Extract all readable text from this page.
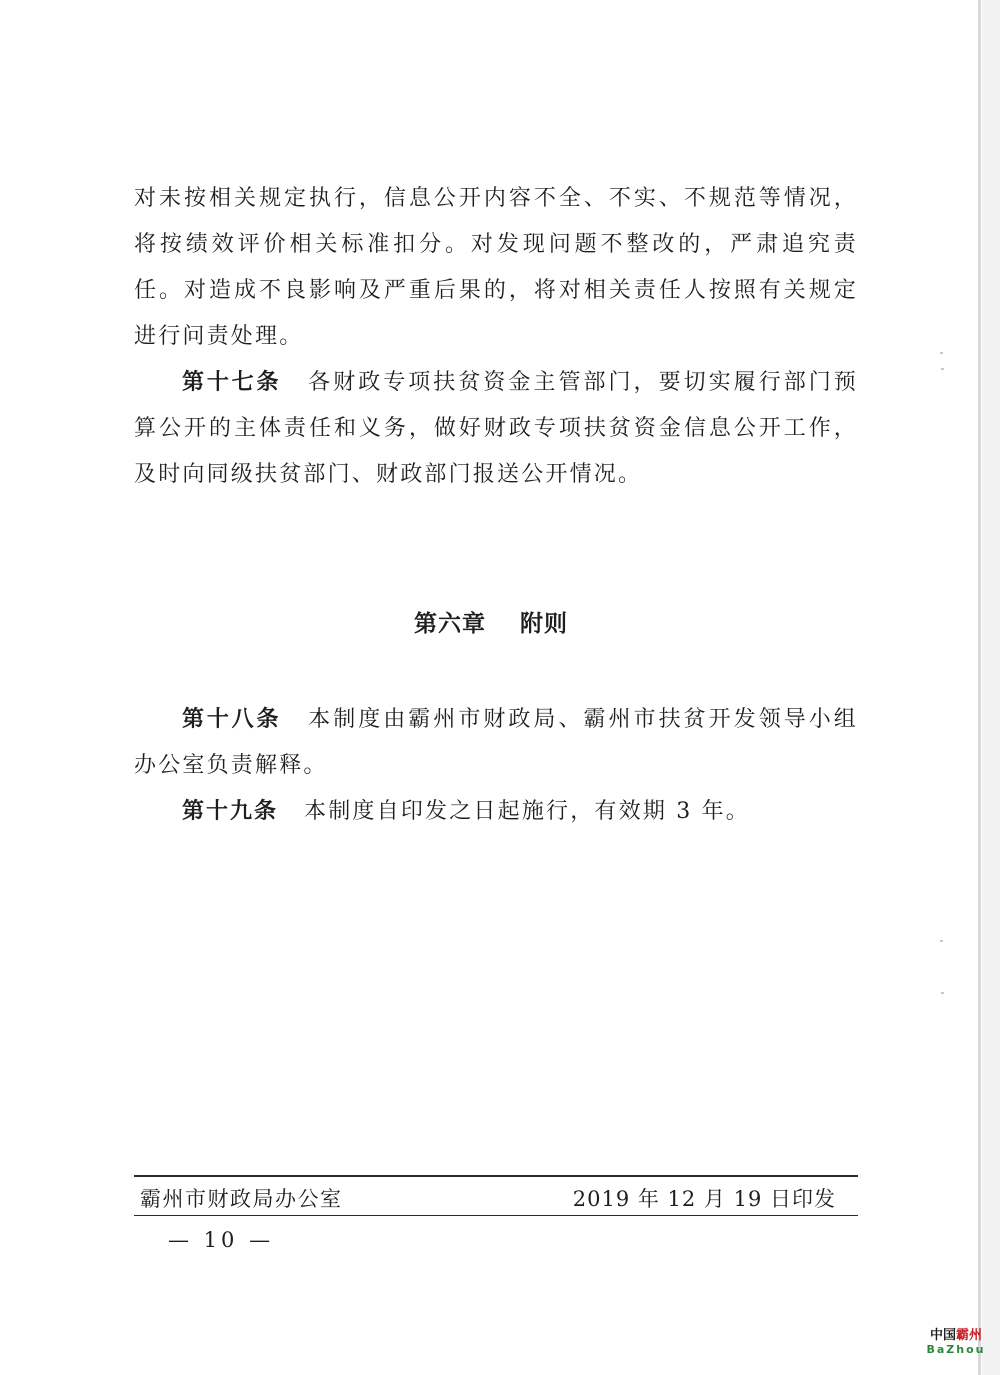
对未按相关规定执行，信息公开内容不全、不实、不规范等情况，将按绩效评价相关标准扣分。对发现问题不整改的，严肃追究责任。对造成不良影响及严重后果的，将对相关责任人按照有关规定进行问责处理。

第十七条 各财政专项扶贫资金主管部门，要切实履行部门预算公开的主体责任和义务，做好财政专项扶贫资金信息公开工作，及时向同级扶贫部门、财政部门报送公开情况。

第六章 附则

第十八条 本制度由霸州市财政局、霸州市扶贫开发领导小组办公室负责解释。

第十九条 本制度自印发之日起施行，有效期 3 年。

霸州市财政局办公室	2019 年 12 月 19 日印发
— 10 —
中国霸州
BaZhou
